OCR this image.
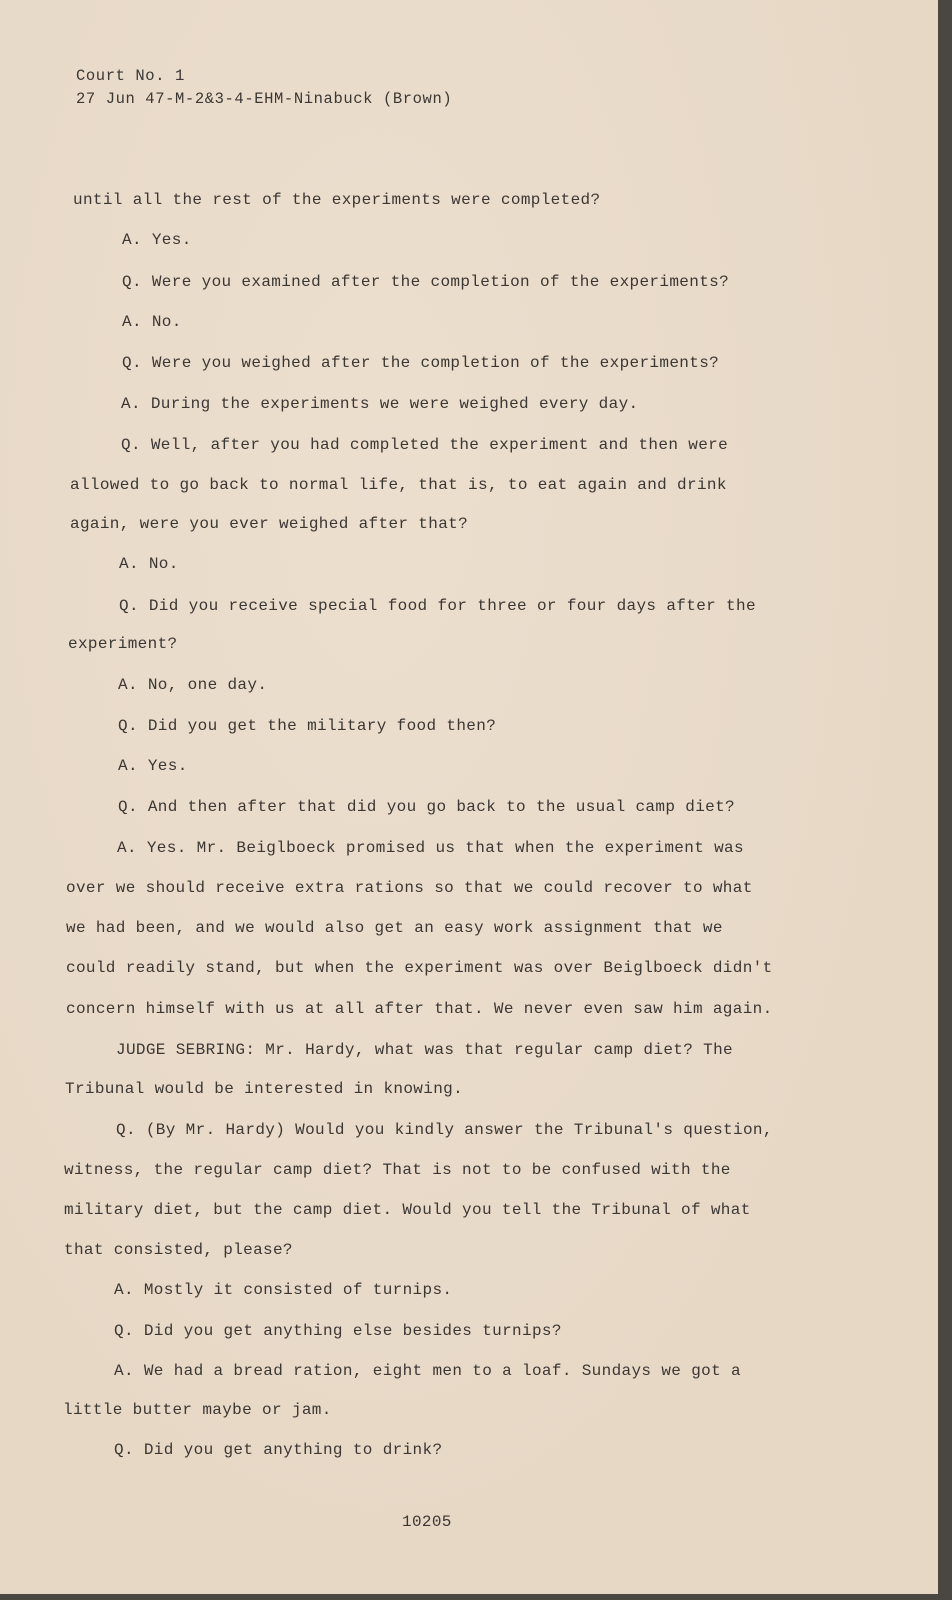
Court No. 1
27 Jun 47-M-2&3-4-EHM-Ninabuck (Brown)
until all the rest of the experiments were completed?
A. Yes.
Q. Were you examined after the completion of the experiments?
A. No.
Q. Were you weighed after the completion of the experiments?
A. During the experiments we were weighed every day.
Q. Well, after you had completed the experiment and then were
allowed to go back to normal life, that is, to eat again and drink
again, were you ever weighed after that?
A. No.
Q. Did you receive special food for three or four days after the
experiment?
A. No, one day.
Q. Did you get the military food then?
A. Yes.
Q. And then after that did you go back to the usual camp diet?
A. Yes. Mr. Beiglboeck promised us that when the experiment was
over we should receive extra rations so that we could recover to what
we had been, and we would also get an easy work assignment that we
could readily stand, but when the experiment was over Beiglboeck didn't
concern himself with us at all after that. We never even saw him again.
JUDGE SEBRING: Mr. Hardy, what was that regular camp diet? The
Tribunal would be interested in knowing.
Q. (By Mr. Hardy) Would you kindly answer the Tribunal's question,
witness, the regular camp diet? That is not to be confused with the
military diet, but the camp diet. Would you tell the Tribunal of what
that consisted, please?
A. Mostly it consisted of turnips.
Q. Did you get anything else besides turnips?
A. We had a bread ration, eight men to a loaf. Sundays we got a
little butter maybe or jam.
Q. Did you get anything to drink?
10205
